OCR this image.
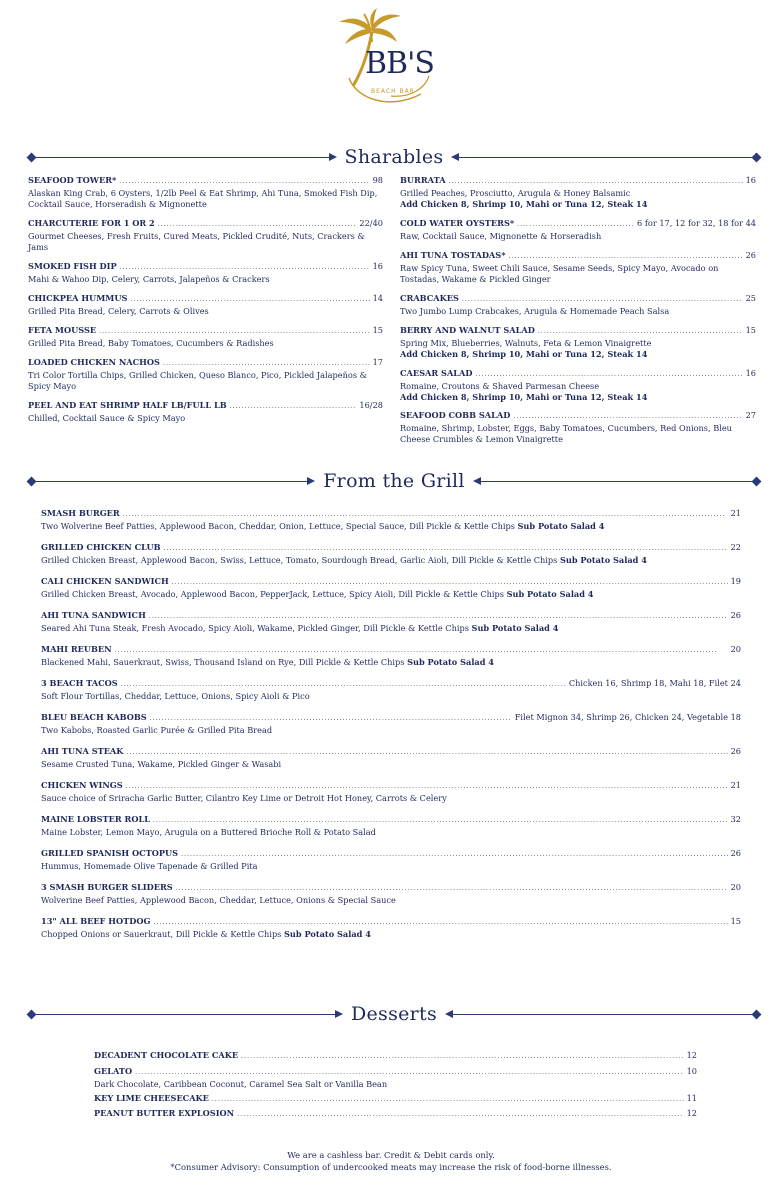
BB'S
BEACH BAR
Sharables
SEAFOOD TOWER* . . .	98
Alaskan King Crab, 6 Oysters, 1/2lb Peel & Eat Shrimp, Ahi Tuna, Smoked Fish Dip, Cocktail Sauce, Horseradish & Mignonette
CHARCUTERIE FOR 1 OR 2 . . .	22/40
Gourmet Cheeses, Fresh Fruits, Cured Meats, Pickled Crudité, Nuts, Crackers & Jams
SMOKED FISH DIP . . .	16
Mahi & Wahoo Dip, Celery, Carrots, Jalapeños & Crackers
CHICKPEA HUMMUS . . .	14
Grilled Pita Bread, Celery, Carrots & Olives
FETA MOUSSE . . .	15
Grilled Pita Bread, Baby Tomatoes, Cucumbers & Radishes
LOADED CHICKEN NACHOS . . .	17
Tri Color Tortilla Chips, Grilled Chicken, Queso Blanco, Pico, Pickled Jalapeños & Spicy Mayo
PEEL AND EAT SHRIMP HALF LB/FULL LB . . .	16/28
Chilled, Cocktail Sauce & Spicy Mayo
BURRATA . . .	16
Grilled Peaches, Prosciutto, Arugula & Honey Balsamic
Add Chicken 8, Shrimp 10, Mahi or Tuna 12, Steak 14
COLD WATER OYSTERS* . . .	6 for 17, 12 for 32, 18 for 44
Raw, Cocktail Sauce, Mignonette & Horseradish
AHI TUNA TOSTADAS* . . .	26
Raw Spicy Tuna, Sweet Chili Sauce, Sesame Seeds, Spicy Mayo, Avocado on Tostadas, Wakame & Pickled Ginger
CRABCAKES . . .	25
Two Jumbo Lump Crabcakes, Arugula & Homemade Peach Salsa
BERRY AND WALNUT SALAD . . .	15
Spring Mix, Blueberries, Walnuts, Feta & Lemon Vinaigrette
Add Chicken 8, Shrimp 10, Mahi or Tuna 12, Steak 14
CAESAR SALAD . . .	16
Romaine, Croutons & Shaved Parmesan Cheese
Add Chicken 8, Shrimp 10, Mahi or Tuna 12, Steak 14
SEAFOOD COBB SALAD . . .	27
Romaine, Shrimp, Lobster, Eggs, Baby Tomatoes, Cucumbers, Red Onions, Bleu Cheese Crumbles & Lemon Vinaigrette
From the Grill
SMASH BURGER . . .	21
Two Wolverine Beef Patties, Applewood Bacon, Cheddar, Onion, Lettuce, Special Sauce, Dill Pickle & Kettle Chips Sub Potato Salad 4
GRILLED CHICKEN CLUB . . .	22
Grilled Chicken Breast, Applewood Bacon, Swiss, Lettuce, Tomato, Sourdough Bread, Garlic Aioli, Dill Pickle & Kettle Chips Sub Potato Salad 4
CALI CHICKEN SANDWICH . . .	19
Grilled Chicken Breast, Avocado, Applewood Bacon, PepperJack, Lettuce, Spicy Aioli, Dill Pickle & Kettle Chips Sub Potato Salad 4
AHI TUNA SANDWICH . . .	26
Seared Ahi Tuna Steak, Fresh Avocado, Spicy Aioli, Wakame, Pickled Ginger, Dill Pickle & Kettle Chips Sub Potato Salad 4
MAHI REUBEN . . .	20
Blackened Mahi, Sauerkraut, Swiss, Thousand Island on Rye, Dill Pickle & Kettle Chips Sub Potato Salad 4
3 BEACH TACOS . . .	Chicken 16, Shrimp 18, Mahi 18, Filet 24
Soft Flour Tortillas, Cheddar, Lettuce, Onions, Spicy Aioli & Pico
BLEU BEACH KABOBS . . .	Filet Mignon 34, Shrimp 26, Chicken 24, Vegetable 18
Two Kabobs, Roasted Garlic Purée & Grilled Pita Bread
AHI TUNA STEAK . . .	26
Sesame Crusted Tuna, Wakame, Pickled Ginger & Wasabi
CHICKEN WINGS . . .	21
Sauce choice of Sriracha Garlic Butter, Cilantro Key Lime or Detroit Hot Honey, Carrots & Celery
MAINE LOBSTER ROLL . . .	32
Maine Lobster, Lemon Mayo, Arugula on a Buttered Brioche Roll & Potato Salad
GRILLED SPANISH OCTOPUS . . .	26
Hummus, Homemade Olive Tapenade & Grilled Pita
3 SMASH BURGER SLIDERS . . .	20
Wolverine Beef Patties, Applewood Bacon, Cheddar, Lettuce, Onions & Special Sauce
13" ALL BEEF HOTDOG . . .	15
Chopped Onions or Sauerkraut, Dill Pickle & Kettle Chips Sub Potato Salad 4
Desserts
DECADENT CHOCOLATE CAKE . . .	12
GELATO . . .	10
Dark Chocolate, Caribbean Coconut, Caramel Sea Salt or Vanilla Bean
KEY LIME CHEESECAKE . . .	11
PEANUT BUTTER EXPLOSION . . .	12
We are a cashless bar. Credit & Debit cards only.
*Consumer Advisory: Consumption of undercooked meats may increase the risk of food-borne illnesses.
